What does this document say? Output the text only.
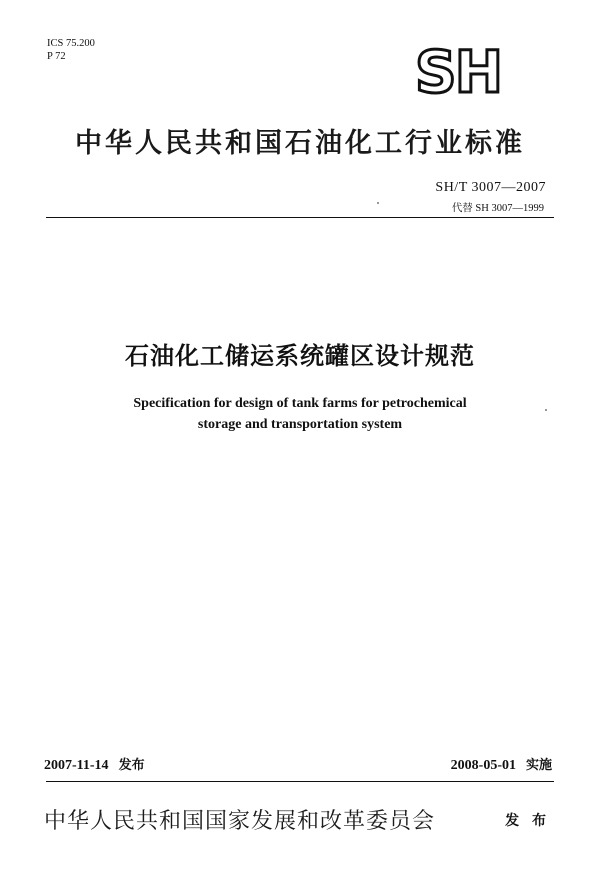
ICS 75.200
P 72	SH
中华人民共和国石油化工行业标准
SH/T 3007—2007
代替 SH 3007—1999
石油化工储运系统罐区设计规范
Specification for design of tank farms for petrochemical
storage and transportation system
2007-11-14 发布	2008-05-01 实施
中华人民共和国国家发展和改革委员会	发 布
